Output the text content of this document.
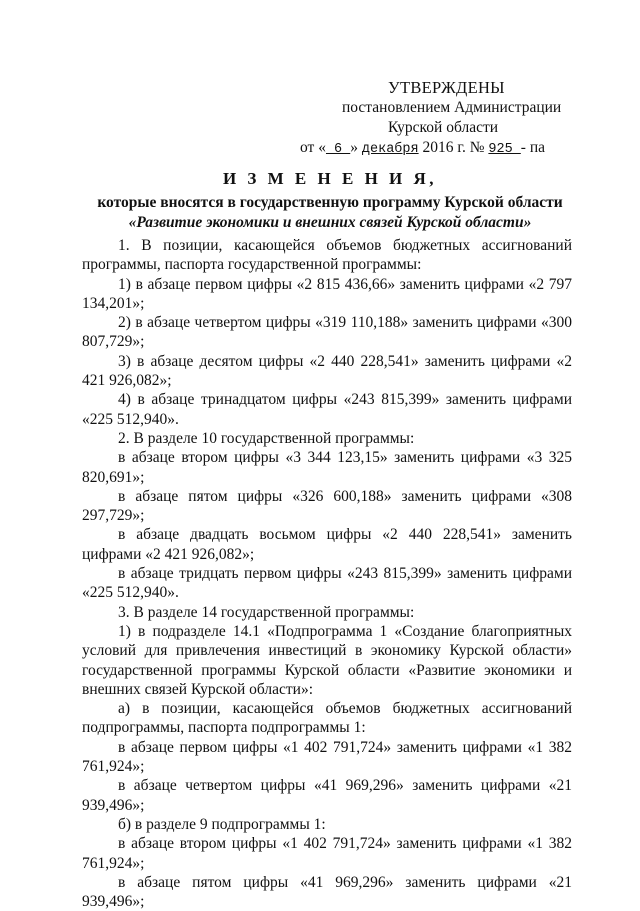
УТВЕРЖДЕНЫ
постановлением Администрации
Курской области
от « 6 » декабря 2016 г. № 925 - па
И З М Е Н Е Н И Я,
которые вносятся в государственную программу Курской области
«Развитие экономики и внешних связей Курской области»

1. В позиции, касающейся объемов бюджетных ассигнований программы, паспорта государственной программы:

1) в абзаце первом цифры «2 815 436,66» заменить цифрами «2 797 134,201»;

2) в абзаце четвертом цифры «319 110,188» заменить цифрами «300 807,729»;

3) в абзаце десятом цифры «2 440 228,541» заменить цифрами «2 421 926,082»;

4) в абзаце тринадцатом цифры «243 815,399» заменить цифрами «225 512,940».

2. В разделе 10 государственной программы:

в абзаце втором цифры «3 344 123,15» заменить цифрами «3 325 820,691»;

в абзаце пятом цифры «326 600,188» заменить цифрами «308 297,729»;

в абзаце двадцать восьмом цифры «2 440 228,541» заменить цифрами «2 421 926,082»;

в абзаце тридцать первом цифры «243 815,399» заменить цифрами «225 512,940».

3. В разделе 14 государственной программы:

1) в подразделе 14.1 «Подпрограмма 1 «Создание благоприятных условий для привлечения инвестиций в экономику Курской области» государственной программы Курской области «Развитие экономики и внешних связей Курской области»:

а) в позиции, касающейся объемов бюджетных ассигнований подпрограммы, паспорта подпрограммы 1:

в абзаце первом цифры «1 402 791,724» заменить цифрами «1 382 761,924»;

в абзаце четвертом цифры «41 969,296» заменить цифрами «21 939,496»;

б) в разделе 9 подпрограммы 1:

в абзаце втором цифры «1 402 791,724» заменить цифрами «1 382 761,924»;

в абзаце пятом цифры «41 969,296» заменить цифрами «21 939,496»;
